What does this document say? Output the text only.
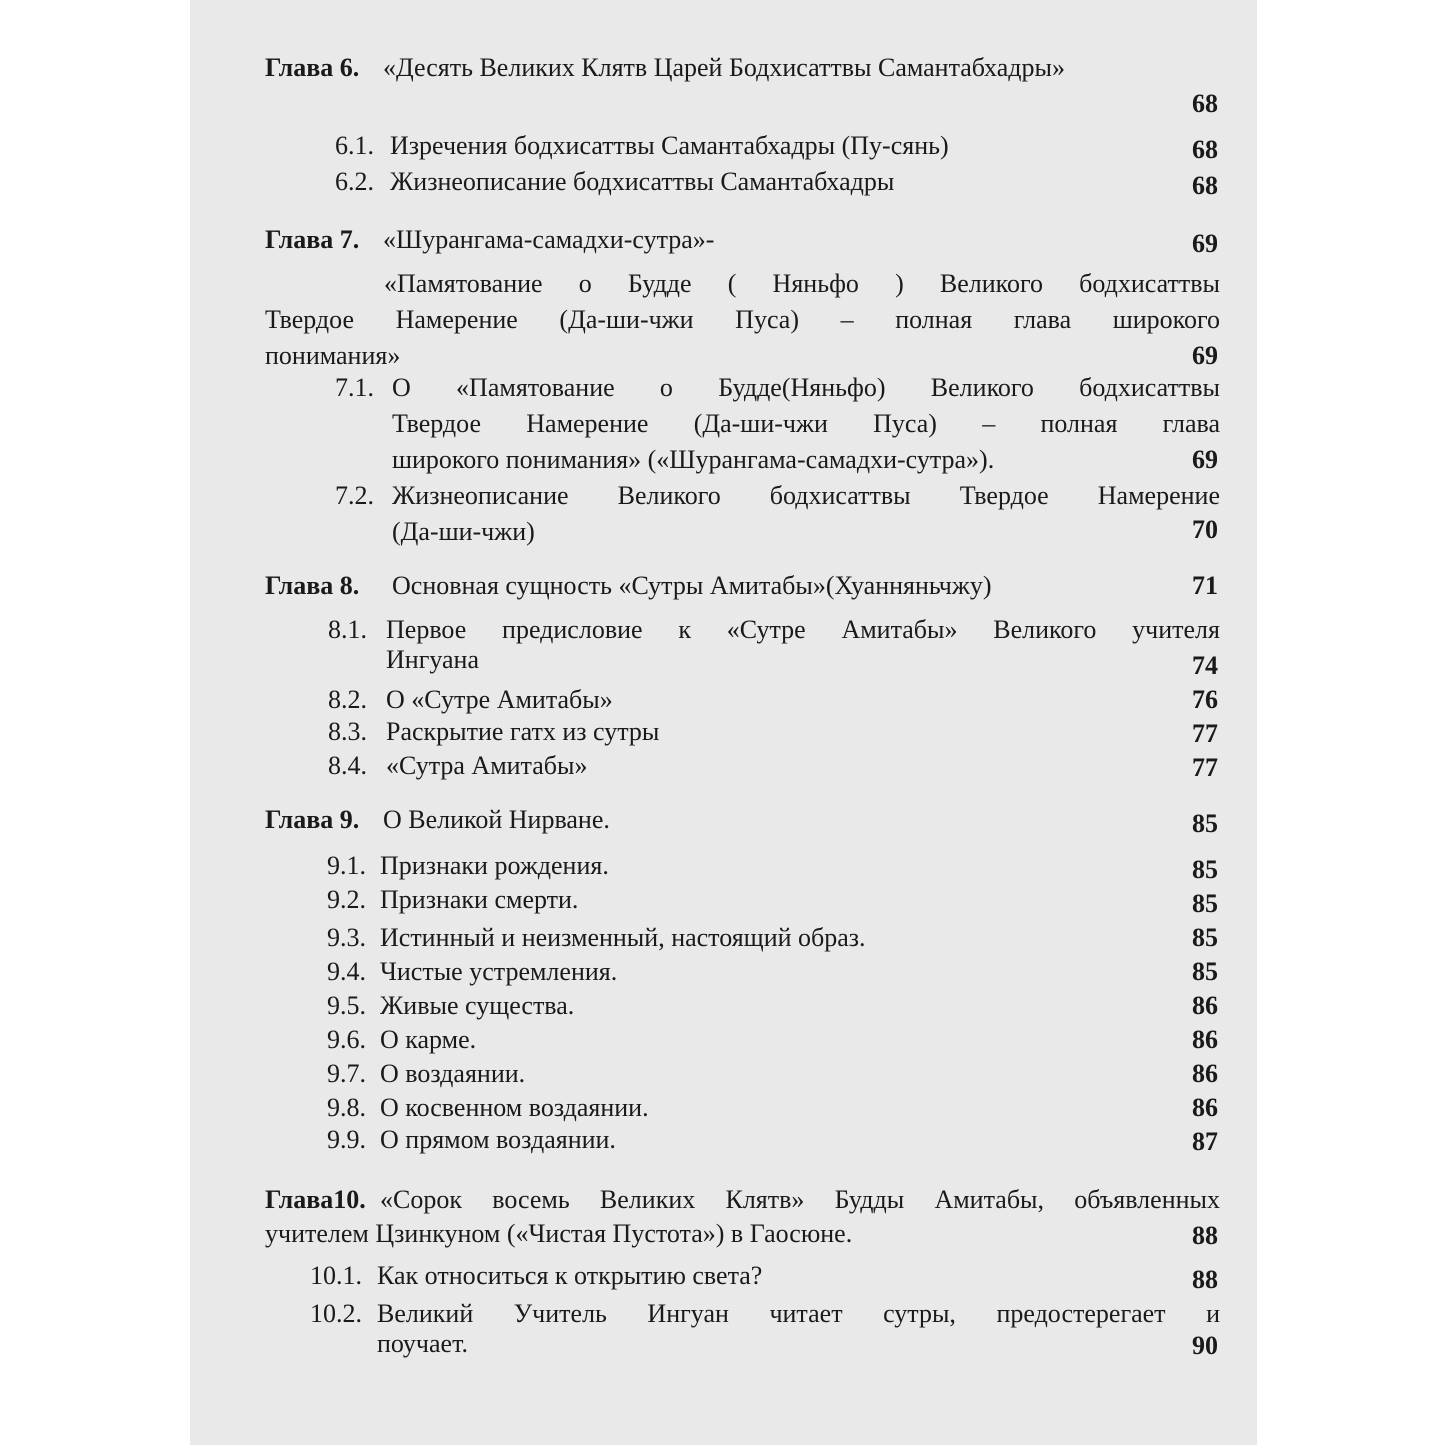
Глава 6. «Десять Великих Клятв Царей Бодхисаттвы Самантабхадры»
68
6.1. Изречения бодхисаттвы Самантабхадры (Пу-сянь)	68
6.2. Жизнеописание бодхисаттвы Самантабхадры	68
Глава 7. «Шурангама-самадхи-сутра»-	69
«Памятование о Будде ( Няньфо ) Великого бодхисаттвы
Твердое Намерение (Да-ши-чжи Пуса) – полная глава широкого
понимания»	69
7.1. О «Памятование о Будде(Няньфо) Великого бодхисаттвы
Твердое Намерение (Да-ши-чжи Пуса) – полная глава
широкого понимания» («Шурангама-самадхи-сутра»).	69
7.2. Жизнеописание Великого бодхисаттвы Твердое Намерение
(Да-ши-чжи)	70
Глава 8. Основная сущность «Сутры Амитабы»(Хуанняньчжу)	71
8.1. Первое предисловие к «Сутре Амитабы» Великого учителя
Ингуана	74
8.2. О «Сутре Амитабы»	76
8.3. Раскрытие гатх из сутры	77
8.4. «Сутра Амитабы»	77
Глава 9. О Великой Нирване.	85
9.1. Признаки рождения.	85
9.2. Признаки смерти.	85
9.3. Истинный и неизменный, настоящий образ.	85
9.4. Чистые устремления.	85
9.5. Живые существа.	86
9.6. О карме.	86
9.7. О воздаянии.	86
9.8. О косвенном воздаянии.	86
9.9. О прямом воздаянии.	87
Глава10. «Сорок восемь Великих Клятв» Будды Амитабы, объявленных
учителем Цзинкуном («Чистая Пустота») в Гаосюне.	88
10.1. Как относиться к открытию света?	88
10.2. Великий Учитель Ингуан читает сутры, предостерегает и
поучает.	90
